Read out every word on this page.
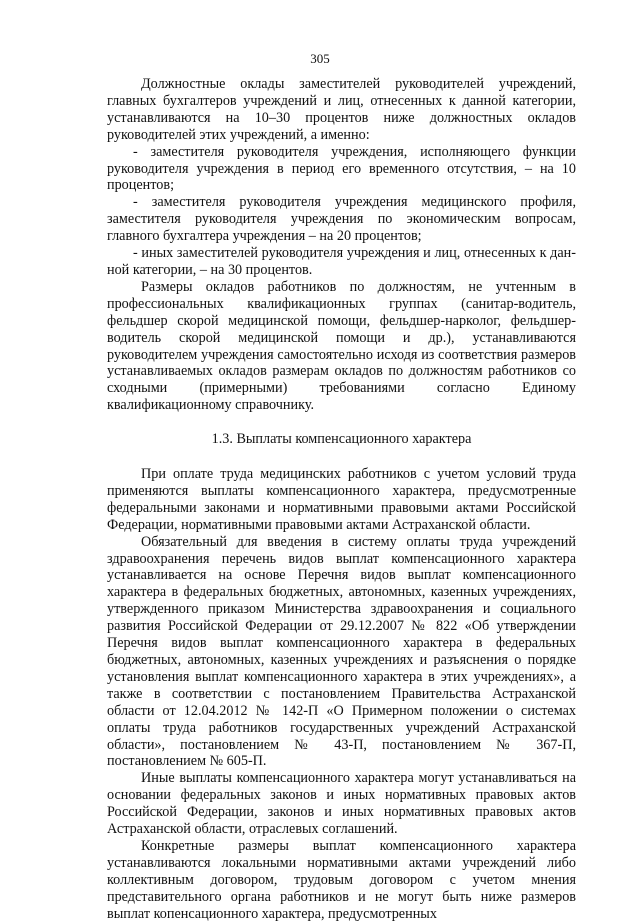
305

Должностные оклады заместителей руководителей учреждений, главных бухгалтеров учреждений и лиц, отнесенных к данной категории, устанавливаются на 10–30 процентов ниже должностных окладов руководителей этих учреждений, а именно:

- заместителя руководителя учреждения, исполняющего функции руководителя учреждения в период его временного отсутствия, – на 10 процентов;

- заместителя руководителя учреждения медицинского профиля, заместителя руководителя учреждения по экономическим вопросам, главного бухгалтера учреждения – на 20 процентов;

- иных заместителей руководителя учреждения и лиц, отнесенных к данной категории, – на 30 процентов.

Размеры окладов работников по должностям, не учтенным в профессиональных квалификационных группах (санитар-водитель, фельдшер скорой медицинской помощи, фельдшер-нарколог, фельдшер-водитель скорой медицинской помощи и др.), устанавливаются руководителем учреждения самостоятельно исходя из соответствия размеров устанавливаемых окладов размерам окладов по должностям работников со сходными (примерными) требованиями согласно Единому квалификационному справочнику.

1.3. Выплаты компенсационного характера

При оплате труда медицинских работников с учетом условий труда применяются выплаты компенсационного характера, предусмотренные федеральными законами и нормативными правовыми актами Российской Федерации, нормативными правовыми актами Астраханской области.

Обязательный для введения в систему оплаты труда учреждений здравоохранения перечень видов выплат компенсационного характера устанавливается на основе Перечня видов выплат компенсационного характера в федеральных бюджетных, автономных, казенных учреждениях, утвержденного приказом Министерства здравоохранения и социального развития Российской Федерации от 29.12.2007 № 822 «Об утверждении Перечня видов выплат компенсационного характера в федеральных бюджетных, автономных, казенных учреждениях и разъяснения о порядке установления выплат компенсационного характера в этих учреждениях», а также в соответствии с постановлением Правительства Астраханской области от 12.04.2012 № 142-П «О Примерном положении о системах оплаты труда работников государственных учреждений Астраханской области», постановлением № 43-П, постановлением № 367-П, постановлением № 605-П.

Иные выплаты компенсационного характера могут устанавливаться на основании федеральных законов и иных нормативных правовых актов Российской Федерации, законов и иных нормативных правовых актов Астраханской области, отраслевых соглашений.

Конкретные размеры выплат компенсационного характера устанавливаются локальными нормативными актами учреждений либо коллективным договором, трудовым договором с учетом мнения представительного органа работников и не могут быть ниже размеров выплат копенсационного характера, предусмотренных
